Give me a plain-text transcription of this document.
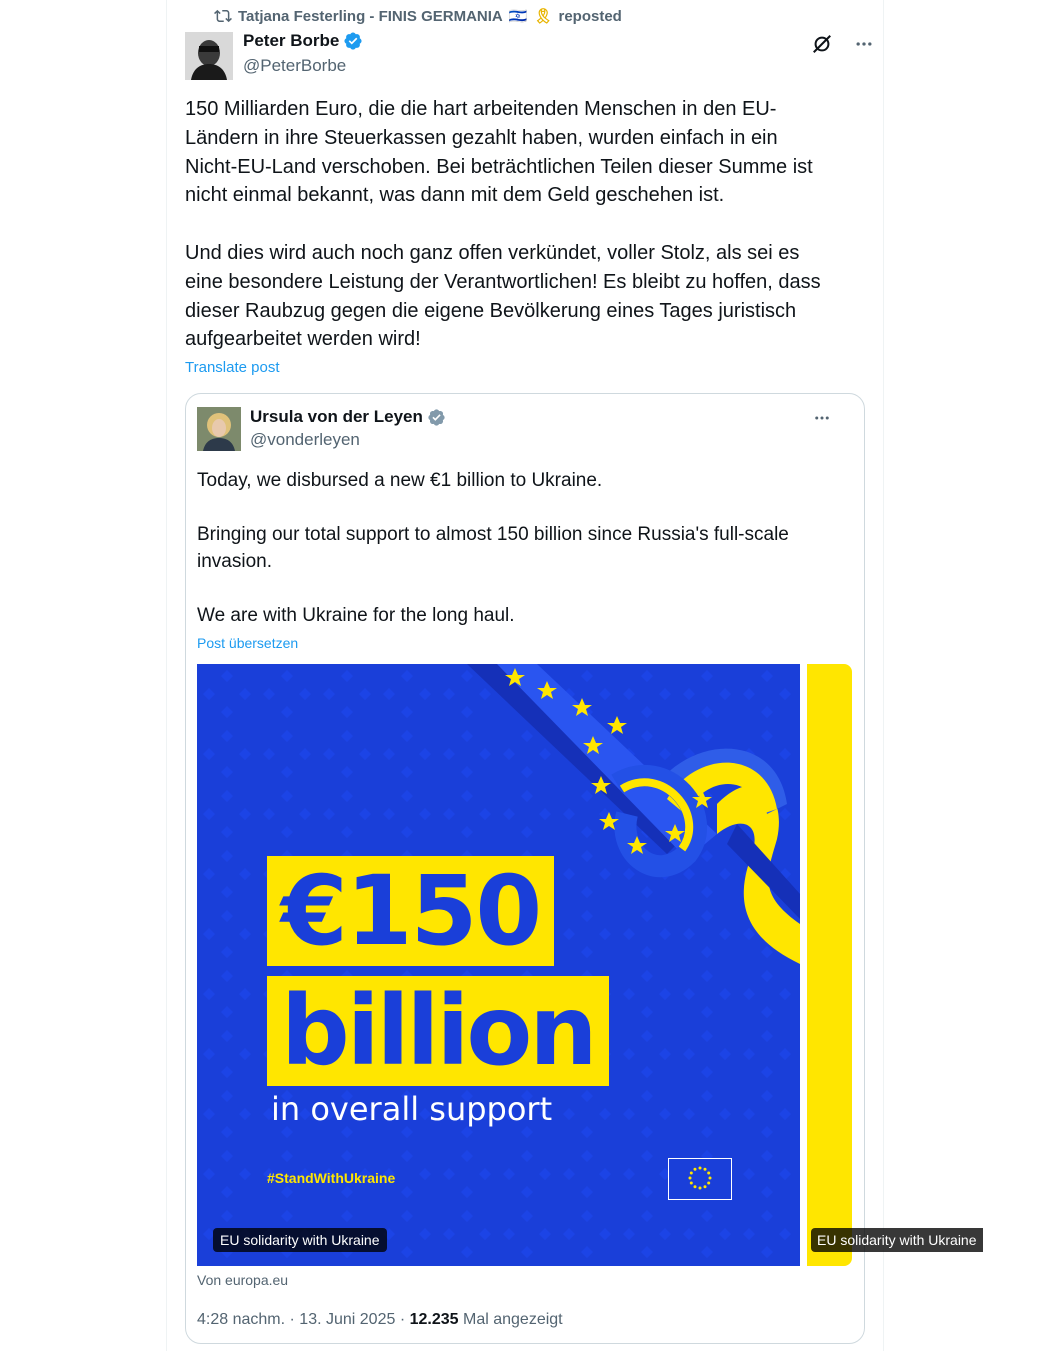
Tatjana Festerling - FINIS GERMANIA 🇮🇱 🎗 reposted
Peter Borbe
@PeterBorbe
150 Milliarden Euro, die die hart arbeitenden Menschen in den EU-
Ländern in ihre Steuerkassen gezahlt haben, wurden einfach in ein
Nicht-EU-Land verschoben. Bei beträchtlichen Teilen dieser Summe ist
nicht einmal bekannt, was dann mit dem Geld geschehen ist.

Und dies wird auch noch ganz offen verkündet, voller Stolz, als sei es
eine besondere Leistung der Verantwortlichen! Es bleibt zu hoffen, dass
dieser Raubzug gegen die eigene Bevölkerung eines Tages juristisch
aufgearbeitet werden wird!
Translate post
Ursula von der Leyen
@vonderleyen
Today, we disbursed a new €1 billion to Ukraine.

Bringing our total support to almost 150 billion since Russia's full-scale
invasion.

We are with Ukraine for the long haul.
Post übersetzen
€150
billion
in overall support
#StandWithUkraine
EU solidarity with Ukraine	EU solidarity with Ukraine
Von europa.eu
4:28 nachm. · 13. Juni 2025 · 12.235 Mal angezeigt
